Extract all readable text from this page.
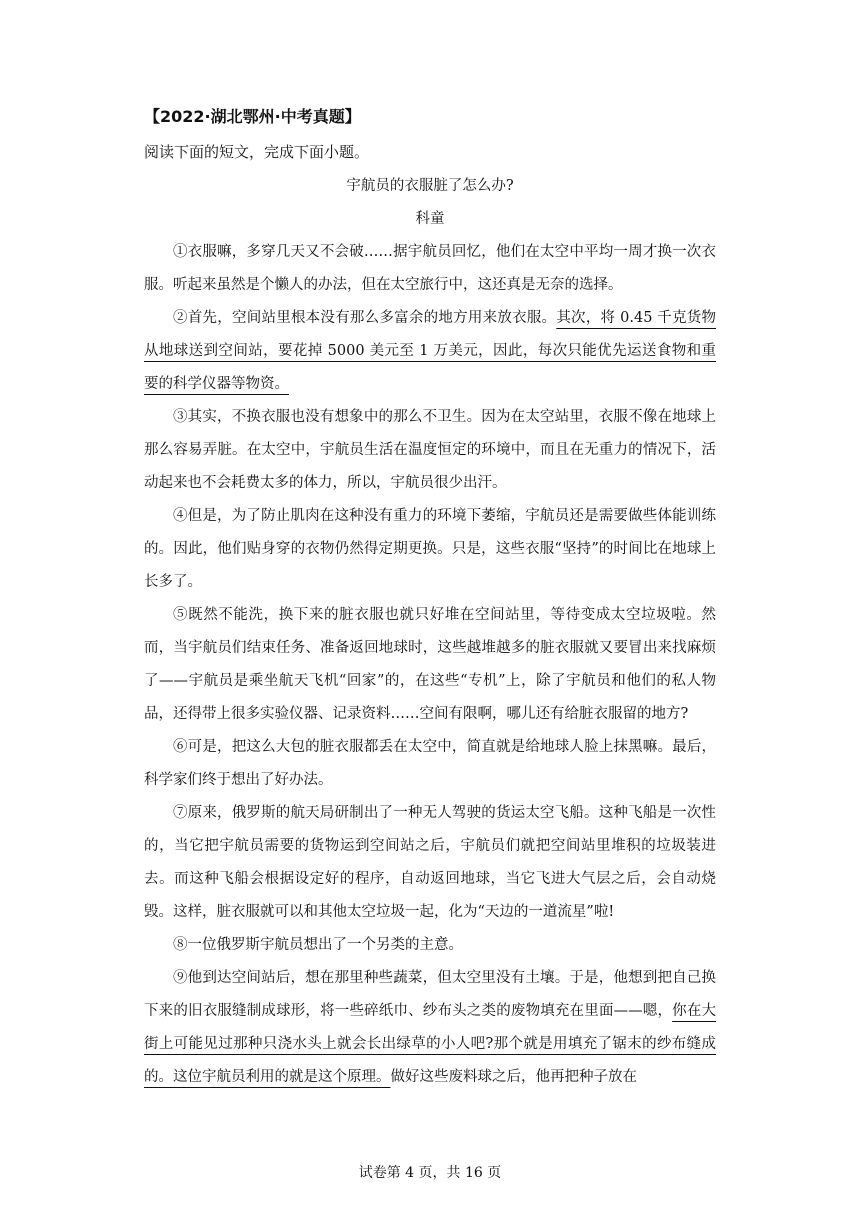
【2022·湖北鄂州·中考真题】
阅读下面的短文，完成下面小题。
宇航员的衣服脏了怎么办?
科童

①衣服嘛，多穿几天又不会破……据宇航员回忆，他们在太空中平均一周才换一次衣服。听起来虽然是个懒人的办法，但在太空旅行中，这还真是无奈的选择。

②首先，空间站里根本没有那么多富余的地方用来放衣服。其次，将 0.45 千克货物从地球送到空间站，要花掉 5000 美元至 1 万美元，因此，每次只能优先运送食物和重要的科学仪器等物资。

③其实，不换衣服也没有想象中的那么不卫生。因为在太空站里，衣服不像在地球上那么容易弄脏。在太空中，宇航员生活在温度恒定的环境中，而且在无重力的情况下，活动起来也不会耗费太多的体力，所以，宇航员很少出汗。

④但是，为了防止肌肉在这种没有重力的环境下萎缩，宇航员还是需要做些体能训练的。因此，他们贴身穿的衣物仍然得定期更换。只是，这些衣服“坚持”的时间比在地球上长多了。

⑤既然不能洗，换下来的脏衣服也就只好堆在空间站里，等待变成太空垃圾啦。然而，当宇航员们结束任务、准备返回地球时，这些越堆越多的脏衣服就又要冒出来找麻烦了——宇航员是乘坐航天飞机“回家”的，在这些“专机”上，除了宇航员和他们的私人物品，还得带上很多实验仪器、记录资料……空间有限啊，哪儿还有给脏衣服留的地方?

⑥可是，把这么大包的脏衣服都丢在太空中，简直就是给地球人脸上抹黑嘛。最后，科学家们终于想出了好办法。

⑦原来，俄罗斯的航天局研制出了一种无人驾驶的货运太空飞船。这种飞船是一次性的，当它把宇航员需要的货物运到空间站之后，宇航员们就把空间站里堆积的垃圾装进去。而这种飞船会根据设定好的程序，自动返回地球，当它飞进大气层之后，会自动烧毁。这样，脏衣服就可以和其他太空垃圾一起，化为“天边的一道流星”啦!

⑧一位俄罗斯宇航员想出了一个另类的主意。

⑨他到达空间站后，想在那里种些蔬菜，但太空里没有土壤。于是，他想到把自己换下来的旧衣服缝制成球形，将一些碎纸巾、纱布头之类的废物填充在里面——嗯，你在大街上可能见过那种只浇水头上就会长出绿草的小人吧?那个就是用填充了锯末的纱布缝成的。这位宇航员利用的就是这个原理。做好这些废料球之后，他再把种子放在

试卷第 4 页，共 16 页
